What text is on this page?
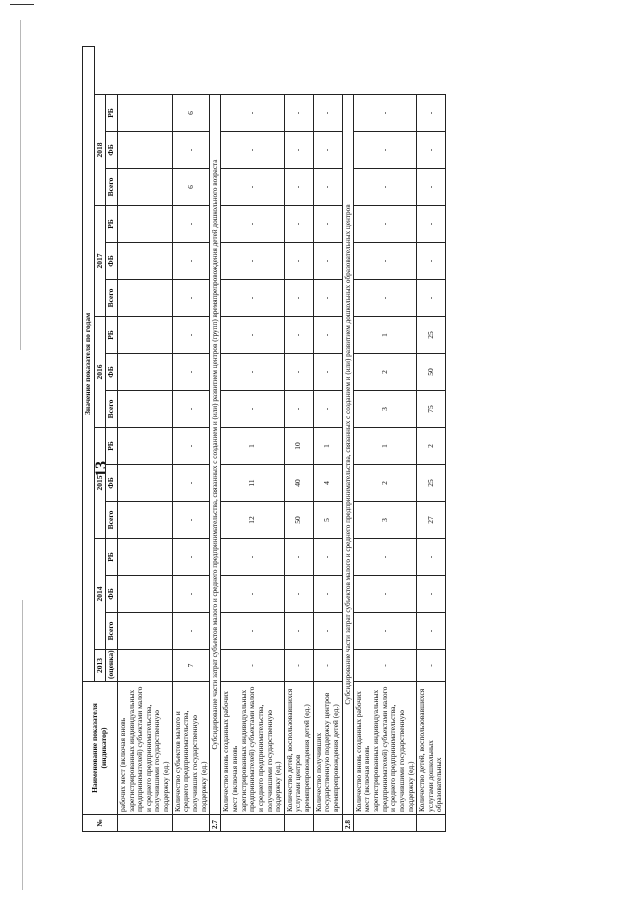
13
№	Наименование показателя (индикатор)	Значение показателя по годам																
		2013	2014			2015			2016			2017			2018			
		(оценка)	Всего	ФБ	РБ	Всего	ФБ	РБ	Всего	ФБ	РБ	Всего	ФБ	РБ	Всего	ФБ	РБ	
	рабочих мест (включая вновь зарегистрированных индивидуальных предпринимателей) субъектами малого и среднего предпринимательства, получившими государственную поддержку (ед.)																	
	Количество субъектов малого и среднего предпринимательства, получивших государственную поддержку (ед.)	7	-	-	-	-	-	-	-	-	-	-	-	-	6	-	6	
2.7	Субсидирование части затрат субъектов малого и среднего предпринимательства, связанных с созданием и (или) развитием центров (групп) времяпрепровождения детей дошкольного возраста																	
	Количество вновь созданных рабочих мест (включая вновь зарегистрированных индивидуальных предпринимателей) субъектами малого и среднего предпринимательства, получившими государственную поддержку (ед.)	-	-	-	-	12	11	1	-	-	-	-	-	-	-	-	-	
	Количество детей, воспользовавшихся услугами центров времяпрепровождения детей (ед.)	-	-	-	-	50	40	10	-	-	-	-	-	-	-	-	-	
	Количество получивших государственную поддержку центров времяпрепровождения детей (ед.)	-	-	-	-	5	4	1	-	-	-	-	-	-	-	-	-	
2.8	Субсидирование части затрат субъектов малого и среднего предпринимательства, связанных с созданием и (или) развитием дошкольных образовательных центров																	
	Количество вновь созданных рабочих мест (включая вновь зарегистрированных индивидуальных предпринимателей) субъектами малого и среднего предпринимательства, получившими государственную поддержку (ед.)	-	-	-	-	3	2	1	3	2	1	-	-	-	-	-	-	
	Количество детей, воспользовавшихся услугами дошкольных образовательных	-	-	-	-	27	25	2	75	50	25	-	-	-	-	-	-	
